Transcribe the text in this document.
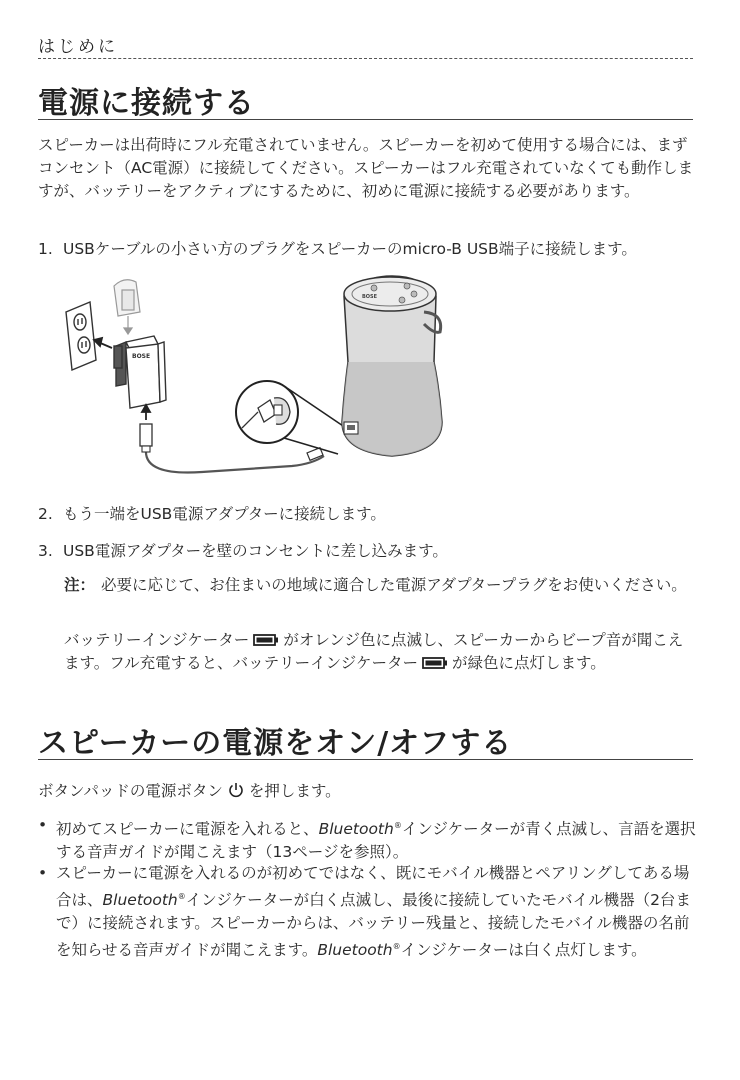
はじめに
電源に接続する
スピーカーは出荷時にフル充電されていません。スピーカーを初めて使用する場合には、まずコンセント（AC電源）に接続してください。スピーカーはフル充電されていなくても動作しますが、バッテリーをアクティブにするために、初めに電源に接続する必要があります。
1. USBケーブルの小さい方のプラグをスピーカーのmicro-B USB端子に接続します。
BOSE
BOSE
2. もう一端をUSB電源アダプターに接続します。
3. USB電源アダプターを壁のコンセントに差し込みます。
注： 必要に応じて、お住まいの地域に適合した電源アダプタープラグをお使いください。
バッテリーインジケーター がオレンジ色に点滅し、スピーカーからビープ音が聞こえます。フル充電すると、バッテリーインジケーター が緑色に点灯します。
スピーカーの電源をオン/オフする
ボタンパッドの電源ボタン を押します。
• 初めてスピーカーに電源を入れると、Bluetooth®インジケーターが青く点滅し、言語を選択する音声ガイドが聞こえます（13ページを参照）。
• スピーカーに電源を入れるのが初めてではなく、既にモバイル機器とペアリングしてある場合は、Bluetooth®インジケーターが白く点滅し、最後に接続していたモバイル機器（2台まで）に接続されます。スピーカーからは、バッテリー残量と、接続したモバイル機器の名前を知らせる音声ガイドが聞こえます。Bluetooth®インジケーターは白く点灯します。
